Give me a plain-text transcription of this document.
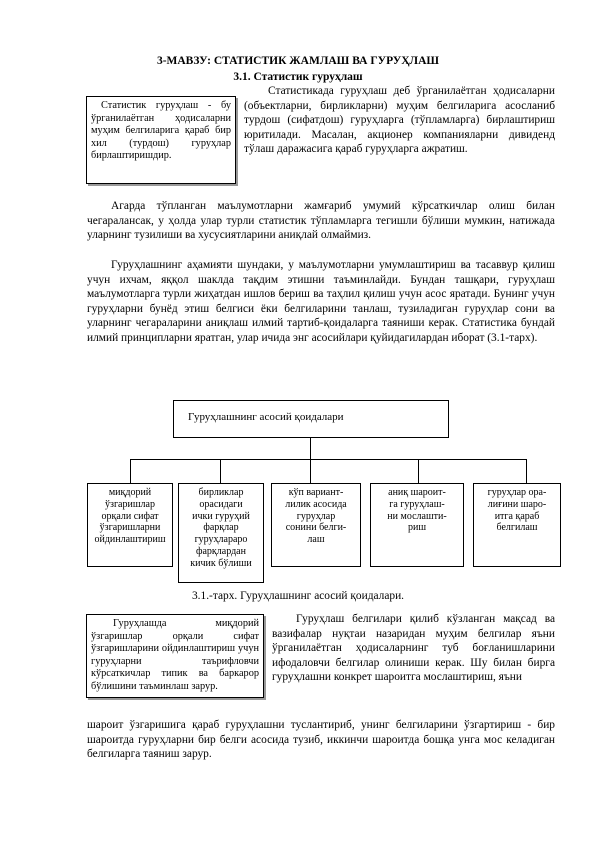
3-МАВЗУ: СТАТИСТИК ЖАМЛАШ ВА ГУРУҲЛАШ
3.1. Статистик гуруҳлаш
Статистик гуруҳлаш - бу ўрганилаётган ҳодисаларни муҳим белгиларига қараб бир хил (турдош) гуруҳлар бирлаштиришдир.
Статистикада гуруҳлаш деб ўрганилаётган ҳодисаларни (объектларни, бирликларни) муҳим белгиларига асосланиб турдош (сифатдош) гуруҳларга (тўпламларга) бирлаштириш юритилади. Масалан, акционер компанияларни дивиденд тўлаш даражасига қараб гуруҳларга ажратиш.
Агарда тўпланган маълумотларни жамғариб умумий кўрсаткичлар олиш билан чегаралансак, у ҳолда улар турли статистик тўпламларга тегишли бўлиши мумкин, натижада уларнинг тузилиши ва хусусиятларини аниқлай олмаймиз.
Гуруҳлашнинг аҳамияти шундаки, у маълумотларни умумлаштириш ва тасаввур қилиш учун ихчам, яққол шаклда тақдим этишни таъминлайди. Бундан ташқари, гуруҳлаш маълумотларга турли жиҳатдан ишлов бериш ва таҳлил қилиш учун асос яратади. Бунинг учун гуруҳларни бунёд этиш белгиси ёки белгиларини танлаш, тузиладиган гуруҳлар сони ва уларнинг чегараларини аниқлаш илмий тартиб-қоидаларга таяниши керак. Статистика бундай илмий принципларни яратган, улар ичида энг асосийлари қуйидагилардан иборат (3.1-тарх).
Гуруҳлашнинг асосий қоидалари
миқдорий
ўзгаришлар
орқали сифат
ўзгаришларни
ойдинлаштириш
бирликлар
орасидаги
ички гуруҳий
фарқлар
гуруҳлараро
фарқлардан
кичик бўлиши
кўп вариант-
лилик асосида
гуруҳлар
сонини белги-
лаш
аниқ шароит-
га гуруҳлаш-
ни мослашти-
риш
гуруҳлар ора-
лиғини шаро-
итга қараб
белгилаш
3.1.-тарх. Гуруҳлашнинг асосий қоидалари.
Гуруҳлашда миқдорий ўзгаришлар орқали сифат ўзгаришларини ойдинлаштириш учун гуруҳларни таърифловчи кўрсаткичлар типик ва баркарор бўлишини таъминлаш зарур.
Гуруҳлаш белгилари қилиб кўзланган мақсад ва вазифалар нуқтаи назаридан муҳим белгилар яъни ўрганилаётган ҳодисаларнинг туб боғланишларини ифодаловчи белгилар олиниши керак. Шу билан бирга гуруҳлашни конкрет шароитга мослаштириш, яъни
шароит ўзгаришига қараб гуруҳлашни туслантириб, унинг белгиларини ўзгартириш - бир шароитда гуруҳларни бир белги асосида тузиб, иккинчи шароитда бошқа унга мос келадиган белгиларга таяниш зарур.
